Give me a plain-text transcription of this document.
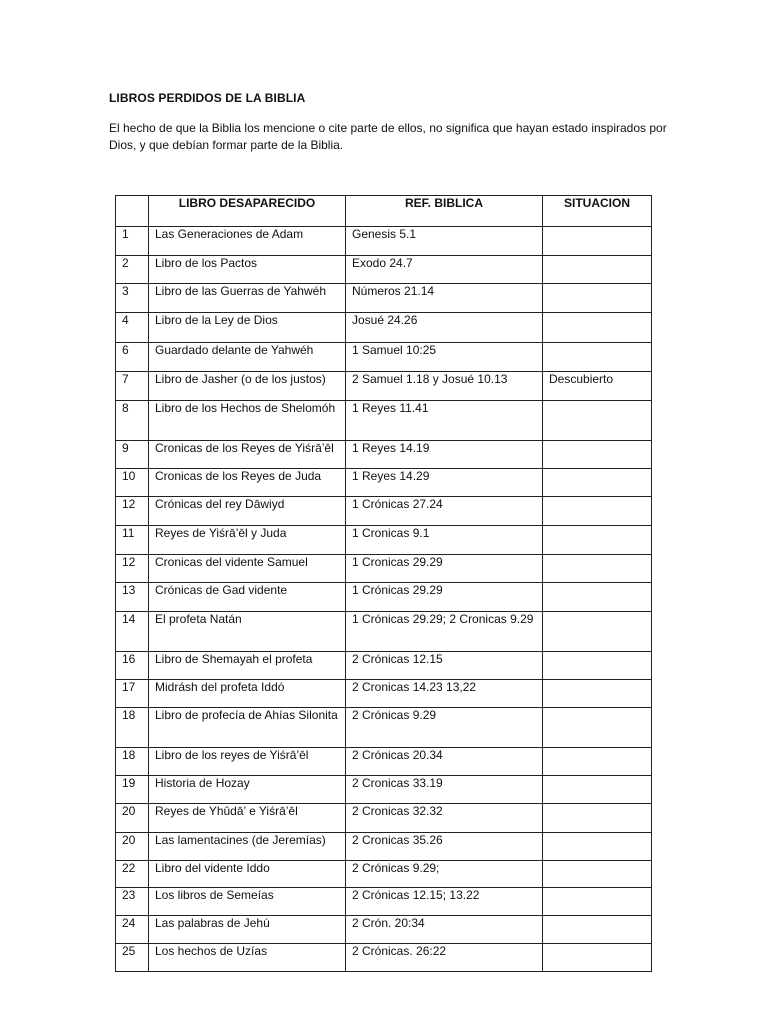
LIBROS PERDIDOS DE LA BIBLIA
El hecho de que la Biblia los mencione o cite parte de ellos, no significa que hayan estado inspirados por Dios, y que debían formar parte de la Biblia.
	LIBRO DESAPARECIDO	REF. BIBLICA	SITUACION
1	Las Generaciones de Adam	Genesis 5.1	
2	Libro de los Pactos	Exodo 24.7	
3	Libro de las Guerras de Yahwéh	Números 21.14	
4	Libro de la Ley de Dios	Josué 24.26	
6	Guardado delante de Yahwéh	1 Samuel 10:25	
7	Libro de Jasher (o de los justos)	2 Samuel 1.18 y Josué 10.13	Descubierto
8	Libro de los Hechos de Shelomóh	1 Reyes 11.41	
9	Cronicas de los Reyes de Yiśrā’ēl	1 Reyes 14.19	
10	Cronicas de los Reyes de Juda	1 Reyes 14.29	
12	Crónicas del rey Dāwiyd	1 Crónicas 27.24	
11	Reyes de Yiśrā’ēl y Juda	1 Cronicas 9.1	
12	Cronicas del vidente Samuel	1 Cronicas 29.29	
13	Crónicas de Gad vidente	1 Crónicas 29.29	
14	El profeta Natán	1 Crónicas 29.29; 2 Cronicas 9.29	
16	Libro de Shemayah el profeta	2 Crónicas 12.15	
17	Midrásh del profeta Iddó	2 Cronicas 14.23 13,22	
18	Libro de profecía de Ahías Silonita	2 Crónicas 9.29	
18	Libro de los reyes de Yiśrā’ēl	2 Crónicas 20.34	
19	Historia de Hozay	2 Cronicas 33.19	
20	Reyes de Yhûdā’ e Yiśrā’ēl	2 Cronicas 32.32	
20	Las lamentacines (de Jeremías)	2 Cronicas 35.26	
22	Libro del vidente Iddo	2 Crónicas 9.29;	
23	Los libros de Semeías	2 Crónicas 12.15; 13.22	
24	Las palabras de Jehú	2 Crón. 20:34	
25	Los hechos de Uzías	2 Crónicas. 26:22	
